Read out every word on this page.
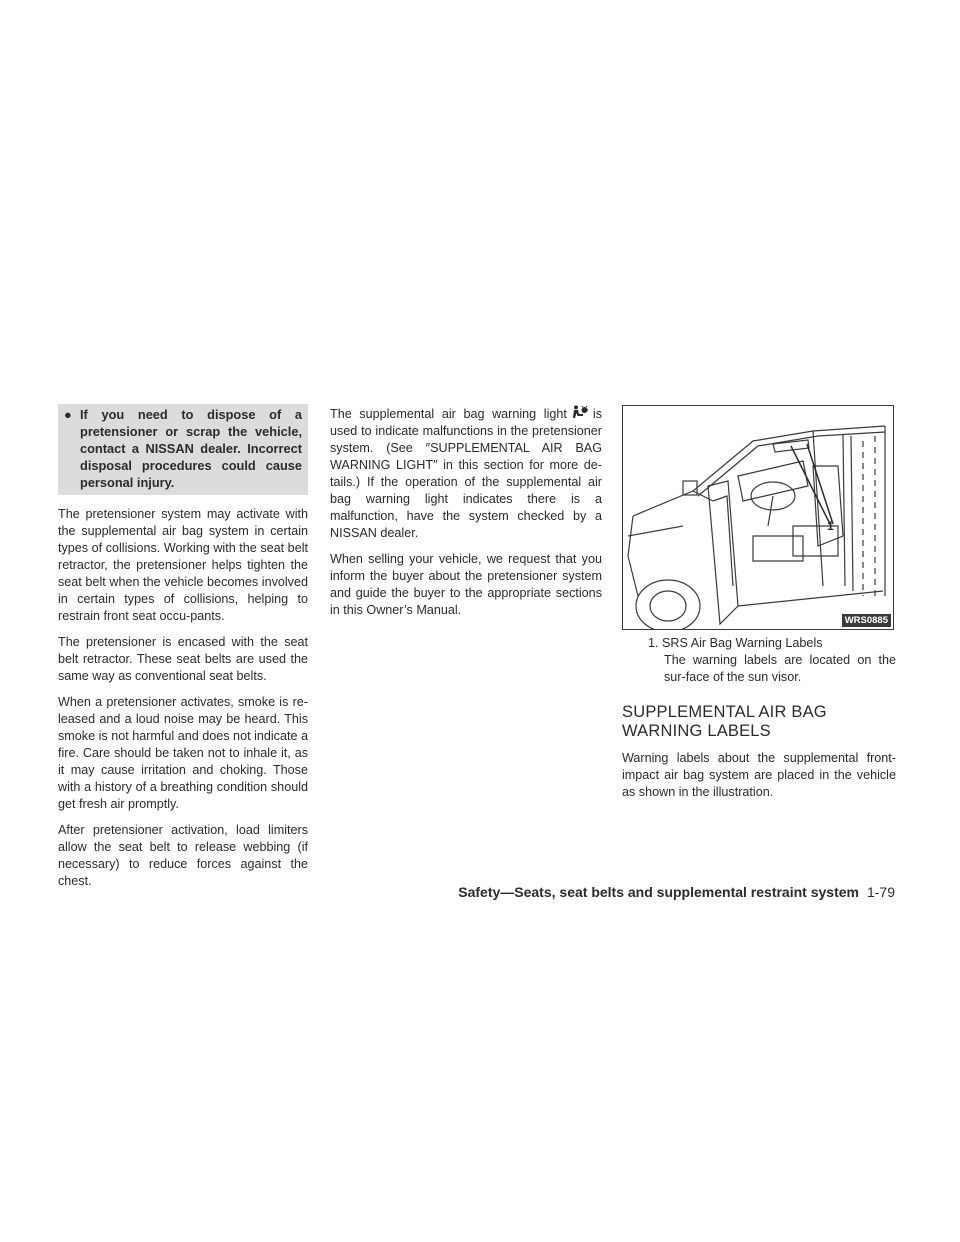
● If you need to dispose of a pretensioner or scrap the vehicle, contact a NISSAN dealer. Incorrect disposal procedures could cause personal injury.

The pretensioner system may activate with the supplemental air bag system in certain types of collisions. Working with the seat belt retractor, the pretensioner helps tighten the seat belt when the vehicle becomes involved in certain types of collisions, helping to restrain front seat occu-pants.

The pretensioner is encased with the seat belt retractor. These seat belts are used the same way as conventional seat belts.

When a pretensioner activates, smoke is re-leased and a loud noise may be heard. This smoke is not harmful and does not indicate a fire. Care should be taken not to inhale it, as it may cause irritation and choking. Those with a history of a breathing condition should get fresh air promptly.

After pretensioner activation, load limiters allow the seat belt to release webbing (if necessary) to reduce forces against the chest.

The supplemental air bag warning light is used to indicate malfunctions in the pretensioner system. (See ″SUPPLEMENTAL AIR BAG WARNING LIGHT″ in this section for more de-tails.) If the operation of the supplemental air bag warning light indicates there is a malfunction, have the system checked by a NISSAN dealer.

When selling your vehicle, we request that you inform the buyer about the pretensioner system and guide the buyer to the appropriate sections in this Owner’s Manual.

1
WRS0885
1. SRS Air Bag Warning Labels
The warning labels are located on the sur-face of the sun visor.
SUPPLEMENTAL AIR BAG
WARNING LABELS

Warning labels about the supplemental front-impact air bag system are placed in the vehicle as shown in the illustration.

Safety—Seats, seat belts and supplemental restraint system 1-79
